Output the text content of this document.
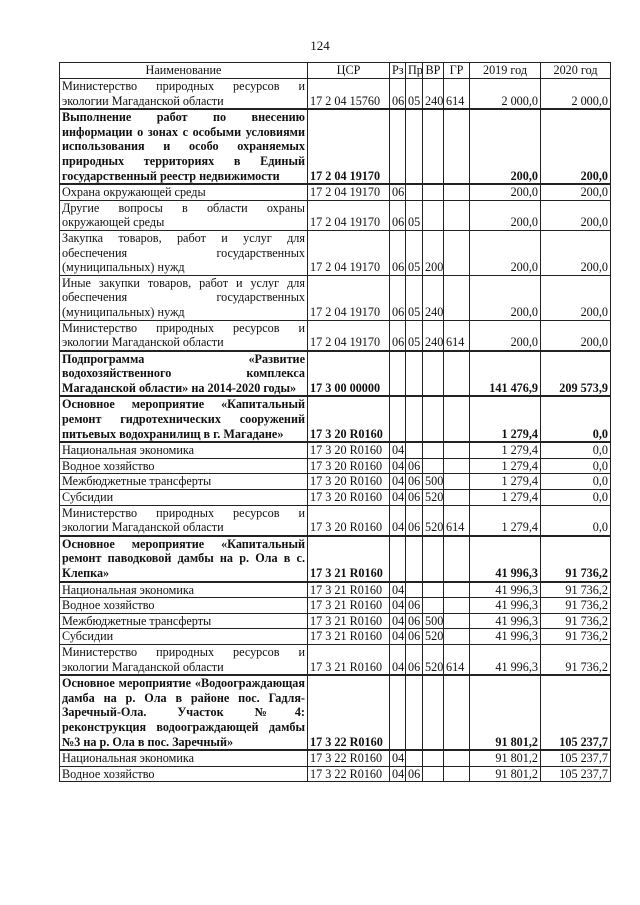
124
Наименование	ЦСР	Рз	Пр	ВР	ГР	2019 год	2020 год
Министерство природных ресурсов и экологии Магаданской области	17 2 04 15760	06	05	240	614	2 000,0	2 000,0
Выполнение работ по внесению информации о зонах с особыми условиями использования и особо охраняемых природных территориях в Единый государственный реестр недвижимости	17 2 04 19170					200,0	200,0
Охрана окружающей среды	17 2 04 19170	06				200,0	200,0
Другие вопросы в области охраны окружающей среды	17 2 04 19170	06	05			200,0	200,0
Закупка товаров, работ и услуг для обеспечения государственных (муниципальных) нужд	17 2 04 19170	06	05	200		200,0	200,0
Иные закупки товаров, работ и услуг для обеспечения государственных (муниципальных) нужд	17 2 04 19170	06	05	240		200,0	200,0
Министерство природных ресурсов и экологии Магаданской области	17 2 04 19170	06	05	240	614	200,0	200,0
Подпрограмма «Развитие водохозяйственного комплекса Магаданской области» на 2014-2020 годы»	17 3 00 00000					141 476,9	209 573,9
Основное мероприятие «Капитальный ремонт гидротехнических сооружений питьевых водохранилищ в г. Магадане»	17 3 20 R0160					1 279,4	0,0
Национальная экономика	17 3 20 R0160	04				1 279,4	0,0
Водное хозяйство	17 3 20 R0160	04	06			1 279,4	0,0
Межбюджетные трансферты	17 3 20 R0160	04	06	500		1 279,4	0,0
Субсидии	17 3 20 R0160	04	06	520		1 279,4	0,0
Министерство природных ресурсов и экологии Магаданской области	17 3 20 R0160	04	06	520	614	1 279,4	0,0
Основное мероприятие «Капитальный ремонт паводковой дамбы на р. Ола в с. Клепка»	17 3 21 R0160					41 996,3	91 736,2
Национальная экономика	17 3 21 R0160	04				41 996,3	91 736,2
Водное хозяйство	17 3 21 R0160	04	06			41 996,3	91 736,2
Межбюджетные трансферты	17 3 21 R0160	04	06	500		41 996,3	91 736,2
Субсидии	17 3 21 R0160	04	06	520		41 996,3	91 736,2
Министерство природных ресурсов и экологии Магаданской области	17 3 21 R0160	04	06	520	614	41 996,3	91 736,2
Основное мероприятие «Водоограждающая дамба на р. Ола в районе пос. Гадля-Заречный-Ола. Участок №4: реконструкция водоограждающей дамбы №3 на р. Ола в пос. Заречный»	17 3 22 R0160					91 801,2	105 237,7
Национальная экономика	17 3 22 R0160	04				91 801,2	105 237,7
Водное хозяйство	17 3 22 R0160	04	06			91 801,2	105 237,7
